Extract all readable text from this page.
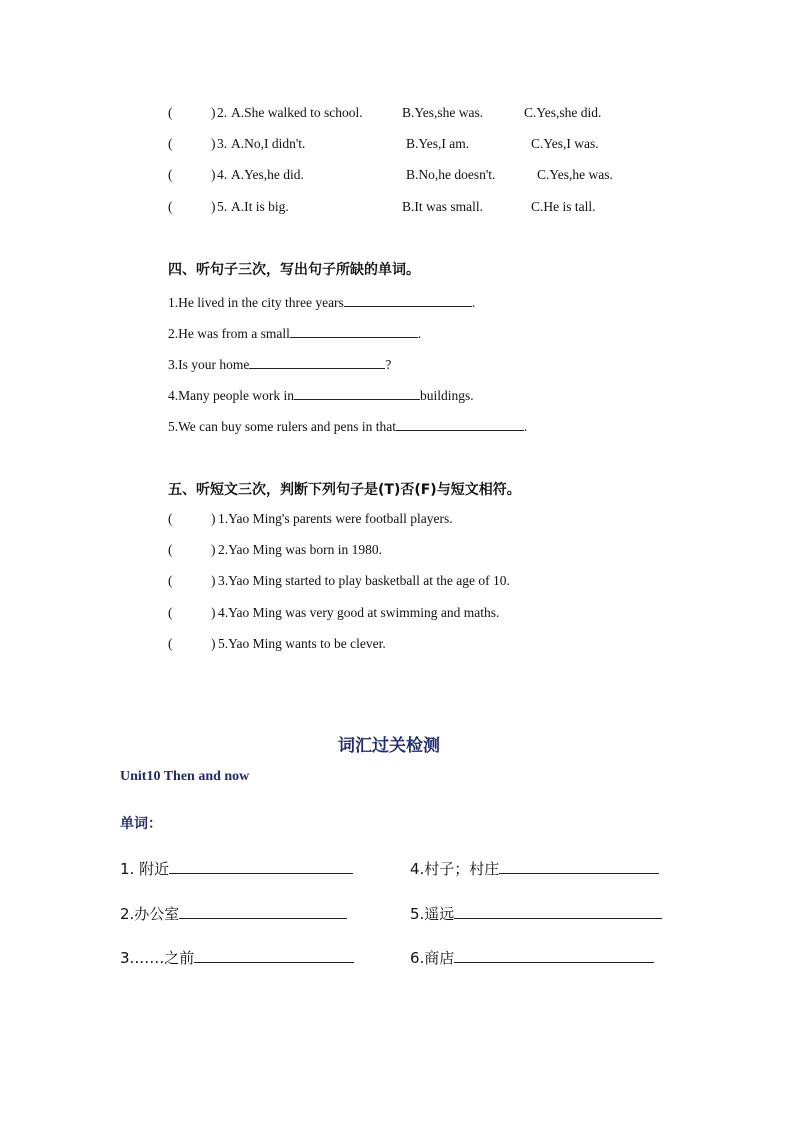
(	) 2. A.She walked to school.	B.Yes,she was.	C.Yes,she did.
(	) 3. A.No,I didn't.	B.Yes,I am.	C.Yes,I was.
(	) 4. A.Yes,he did.	B.No,he doesn't.	C.Yes,he was.
(	) 5. A.It is big.	B.It was small.	C.He is tall.
四、听句子三次，写出句子所缺的单词。
1.He lived in the city three years	.
2.He was from a small	.
3.Is your home	?
4.Many people work in	buildings.
5.We can buy some rulers and pens in that	.
五、听短文三次，判断下列句子是(T)否(F)与短文相符。
(	) 1.Yao Ming's parents were football players.
(	) 2.Yao Ming was born in 1980.
(	) 3.Yao Ming started to play basketball at the age of 10.
(	) 4.Yao Ming was very good at swimming and maths.
(	) 5.Yao Ming wants to be clever.
词汇过关检测
Unit10 Then and now
单词：
1. 附近	4.村子；村庄
2.办公室	5.遥远
3.……之前	6.商店
